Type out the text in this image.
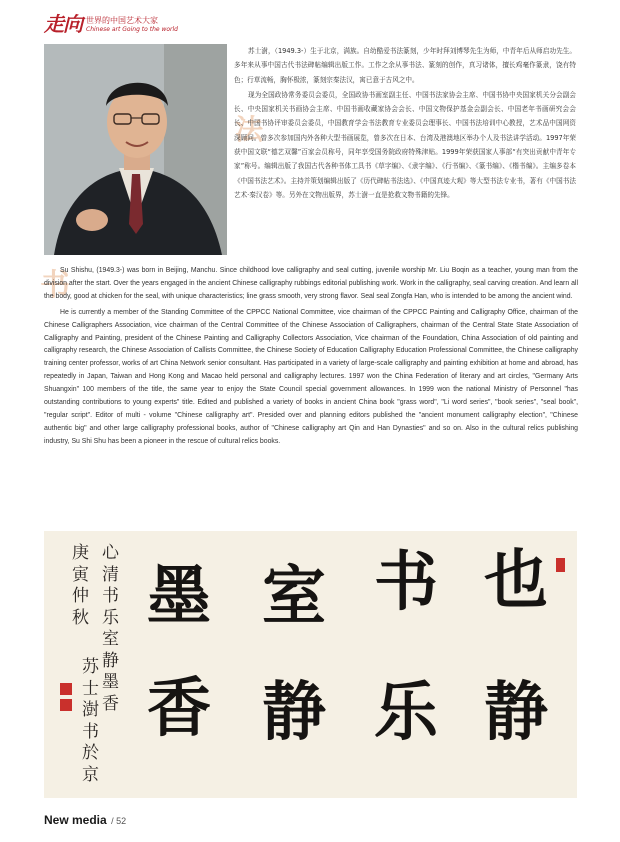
走向 世界的中国艺术大家
Chinese art Going to the world
法
书

苏士澍，（1949.3-）生于北京，满族。自幼酷爱书法篆刻，少年时拜刘博琴先生为师，中青年后从师启功先生。多年来从事中国古代书法碑帖编辑出版工作。工作之余从事书法、篆刻的创作，真习诸体，擅长鸡毫作篆隶，饶有特色；行草流畅，胸怀极浓，篆刻宗秦法汉，寓已意于古风之中。

现为全国政协常务委员会委员，全国政协书画室副主任、中国书法家协会主席、中国书协中央国家机关分会副会长、中央国家机关书画协会主席、中国书画收藏家协会会长、中国文物保护基金会副会长、中国老年书画研究会会长、中国书协评审委员会委员，中国教育学会书法教育专业委员会理事长、中国书法培训中心教授，艺术品中国网资深顾问。曾多次参加国内外各种大型书画展览，曾多次在日本、台湾及港澳地区举办个人及书法讲学活动。1997年荣获中国文联“德艺双馨”百家会员称号，同年享受国务院政府特殊津贴。1999年荣获国家人事部“有突出贡献中青年专家”称号。编辑出版了我国古代各种书体工具书《草字编》、《隶字编》、《行书编》、《篆书编》、《楷书编》。主编多卷本《中国书法艺术》。主持并策划编辑出版了《历代碑帖书法选》、《中国真迹大观》等大型书法专业书，著有《中国书法艺术·秦汉卷》等。另外在文物出版界，苏士澍一直是抢救文物书籍的先锋。

Su Shishu, (1949.3-) was born in Beijing, Manchu. Since childhood love calligraphy and seal cutting, juvenile worship Mr. Liu Boqin as a teacher, young man from the division after the start. Over the years engaged in the ancient Chinese calligraphy rubbings editorial publishing work. Work in the calligraphy, seal carving creation. And learn all the body, good at chicken for the seal, with unique characteristics; line grass smooth, very strong flavor. Seal seal Zongfa Han, who is intended to be among the ancient wind.

He is currently a member of the Standing Committee of the CPPCC National Committee, vice chairman of the CPPCC Painting and Calligraphy Office, chairman of the Chinese Calligraphers Association, vice chairman of the Central Committee of the Chinese Association of Calligraphers, chairman of the Central State State Association of Calligraphy and Painting, president of the Chinese Painting and Calligraphy Collectors Association, Vice chairman of the Foundation, China Association of old painting and calligraphy research, the Chinese Association of Callists Committee, the Chinese Society of Education Calligraphy Education Professional Committee, the Chinese calligraphy training center professor, works of art China Network senior consultant. Has participated in a variety of large-scale calligraphy and painting exhibition at home and abroad, has repeatedly in Japan, Taiwan and Hong Kong and Macao held personal and calligraphy lectures. 1997 won the China Federation of literary and art circles, "Germany Arts Shuangxin" 100 members of the title, the same year to enjoy the State Council special government allowances. In 1999 won the national Ministry of Personnel "has outstanding contributions to young experts" title. Edited and published a variety of books in ancient China book "grass word", "Li word series", "book series", "seal book", "regular script". Editor of multi - volume "Chinese calligraphy art". Presided over and planning editors published the "ancient monument calligraphy election", "Chinese authentic big" and other large calligraphy professional books, author of "Chinese calligraphy art Qin and Han Dynasties" and so on. Also in the cultural relics publishing industry, Su Shi Shu has been a pioneer in the rescue of cultural relics books.

也
静
书
乐
室
静
墨
香
心清书乐室静墨香
庚寅仲秋
苏士澍书於京
New media / 52
